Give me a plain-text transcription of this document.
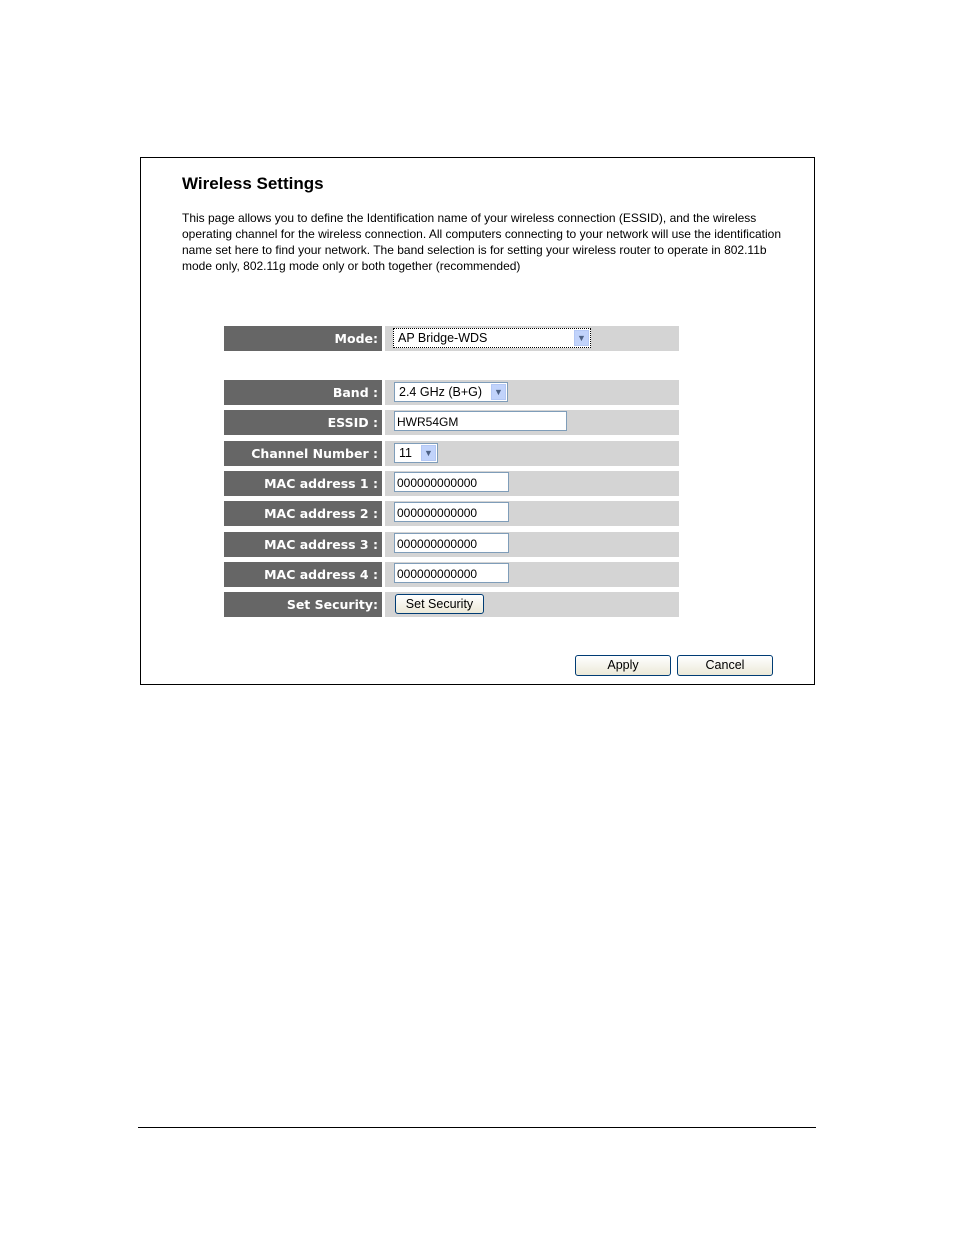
Wireless Settings
This page allows you to define the Identification name of your wireless connection (ESSID), and the wireless operating channel for the wireless connection. All computers connecting to your network will use the identification name set here to find your network. The band selection is for setting your wireless router to operate in 802.11b mode only, 802.11g mode only or both together (recommended)
Mode:	AP Bridge-WDS	▼
Band :	2.4 GHz (B+G)	▼
ESSID :	HWR54GM
Channel Number :	11	▼
MAC address 1 :	000000000000
MAC address 2 :	000000000000
MAC address 3 :	000000000000
MAC address 4 :	000000000000
Set Security:	Set Security
Apply	Cancel
